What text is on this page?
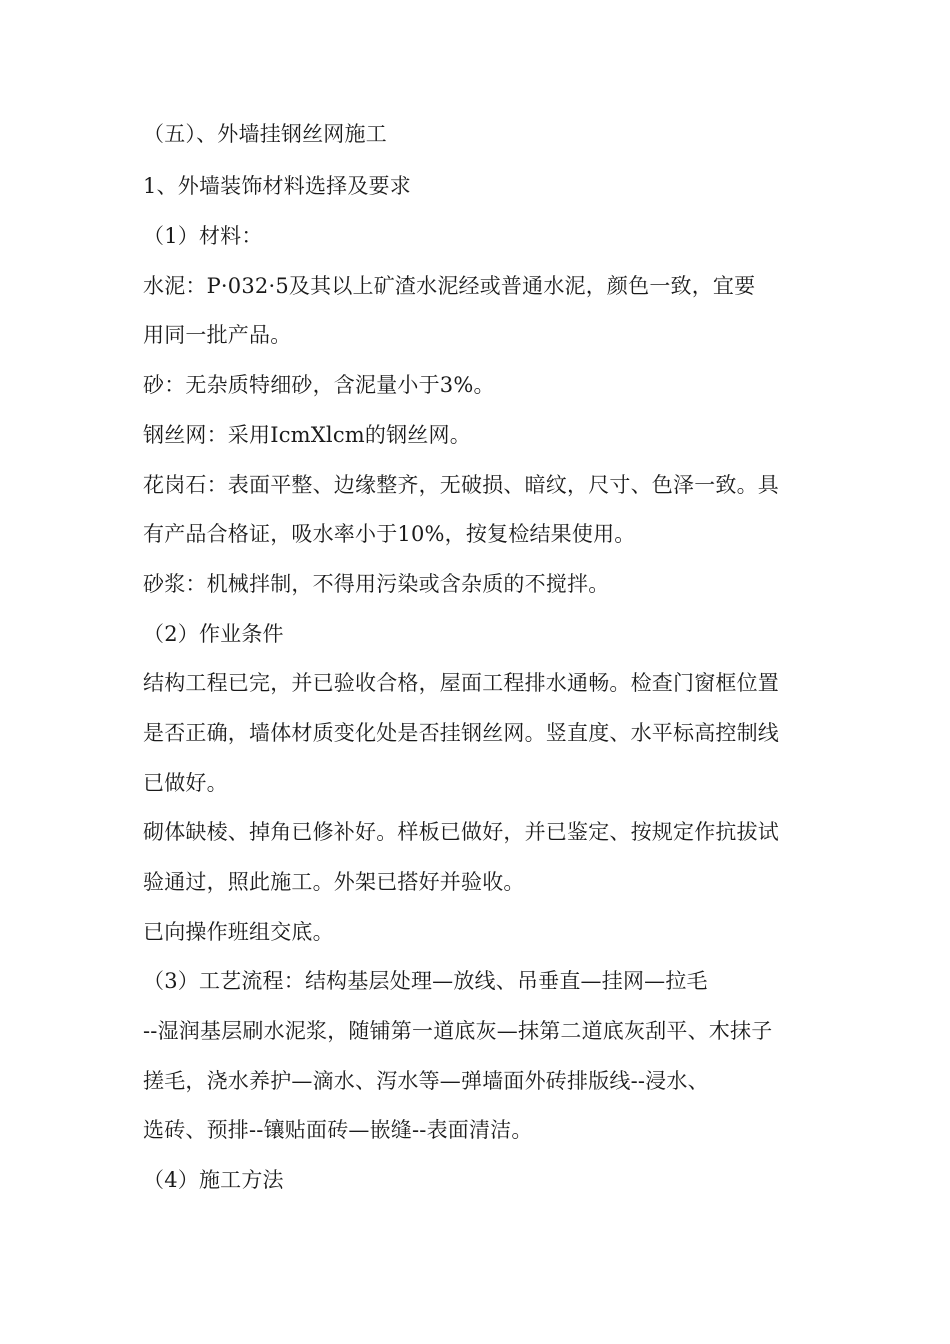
（五）、外墙挂钢丝网施工
1、外墙装饰材料选择及要求
（1）材料：
水泥：P·032·5及其以上矿渣水泥经或普通水泥，颜色一致，宜要
用同一批产品。
砂：无杂质特细砂，含泥量小于3%。
钢丝网：采用IcmXlcm的钢丝网。
花岗石：表面平整、边缘整齐，无破损、暗纹，尺寸、色泽一致。具
有产品合格证，吸水率小于10%，按复检结果使用。
砂浆：机械拌制，不得用污染或含杂质的不搅拌。
（2）作业条件
结构工程已完，并已验收合格，屋面工程排水通畅。检查门窗框位置
是否正确，墙体材质变化处是否挂钢丝网。竖直度、水平标高控制线
已做好。
砌体缺棱、掉角已修补好。样板已做好，并已鉴定、按规定作抗拔试
验通过，照此施工。外架已搭好并验收。
已向操作班组交底。
（3）工艺流程：结构基层处理—放线、吊垂直—挂网—拉毛
--湿润基层刷水泥浆，随铺第一道底灰—抹第二道底灰刮平、木抹子
搓毛，浇水养护—滴水、泻水等—弹墙面外砖排版线--浸水、
选砖、预排--镶贴面砖—嵌缝--表面清洁。
（4）施工方法
